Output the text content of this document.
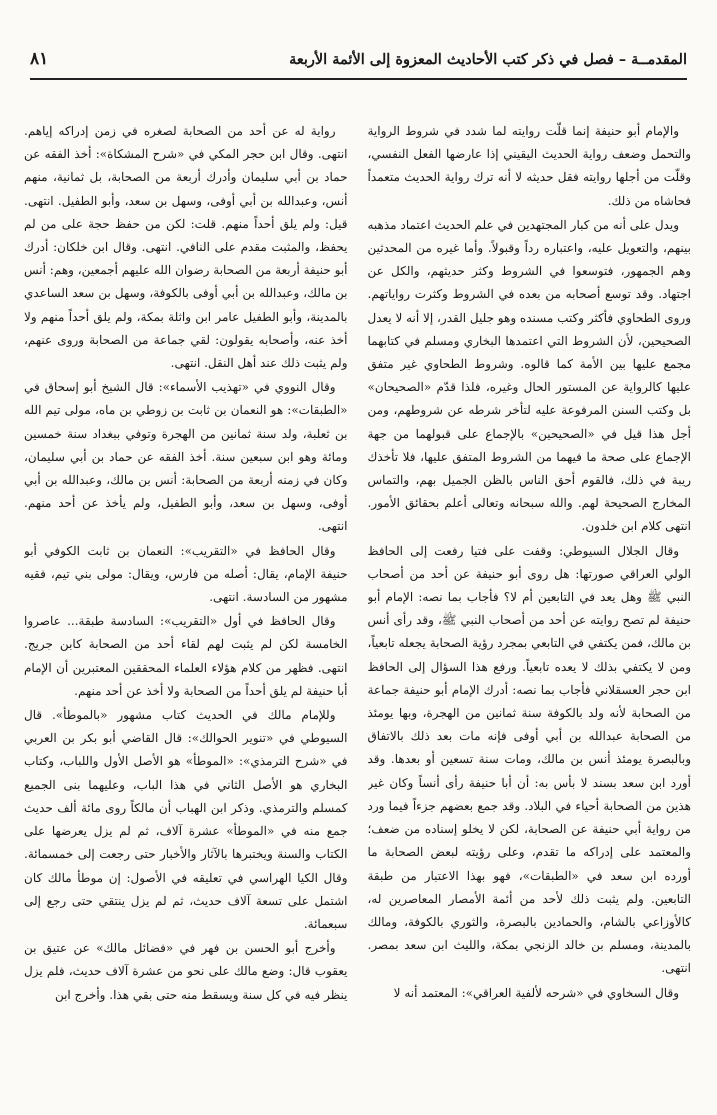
المقدمــة – فصل في ذكر كتب الأحاديث المعزوة إلى الأئمة الأربعة
٨١

والإمام أبو حنيفة إنما قلّت روايته لما شدد في شروط الرواية والتحمل وضعف رواية الحديث اليقيني إذا عارضها الفعل النفسي، وقلّت من أجلها روايته فقل حديثه لا أنه ترك رواية الحديث متعمداً فحاشاه من ذلك.

ويدل على أنه من كبار المجتهدين في علم الحديث اعتماد مذهبه بينهم، والتعويل عليه، واعتباره رداً وقبولاً. وأما غيره من المحدثين وهم الجمهور، فتوسعوا في الشروط وكثر حديثهم، والكل عن اجتهاد. وقد توسع أصحابه من بعده في الشروط وكثرت رواياتهم. وروى الطحاوي فأكثر وكتب مسنده وهو جليل القدر، إلا أنه لا يعدل الصحيحين، لأن الشروط التي اعتمدها البخاري ومسلم في كتابهما مجمع عليها بين الأمة كما قالوه. وشروط الطحاوي غير متفق عليها كالرواية عن المستور الحال وغيره، فلذا قدّم «الصحيحان» بل وكتب السنن المرفوعة عليه لتأخر شرطه عن شروطهم، ومن أجل هذا قيل في «الصحيحين» بالإجماع على قبولهما من جهة الإجماع على صحة ما فيهما من الشروط المتفق عليها، فلا تأخذك ريبة في ذلك، فالقوم أحق الناس بالظن الجميل بهم، والتماس المخارج الصحيحة لهم. والله سبحانه وتعالى أعلم بحقائق الأمور. انتهى كلام ابن خلدون.

وقال الجلال السيوطي: وقفت على فتيا رفعت إلى الحافظ الولي العراقي صورتها: هل روى أبو حنيفة عن أحد من أصحاب النبي ﷺ وهل يعد في التابعين أم لا؟ فأجاب بما نصه: الإمام أبو حنيفة لم تصح روايته عن أحد من أصحاب النبي ﷺ، وقد رأى أنس بن مالك، فمن يكتفي في التابعي بمجرد رؤية الصحابة يجعله تابعياً، ومن لا يكتفي بذلك لا يعده تابعياً. ورفع هذا السؤال إلى الحافظ ابن حجر العسقلاني فأجاب بما نصه: أدرك الإمام أبو حنيفة جماعة من الصحابة لأنه ولد بالكوفة سنة ثمانين من الهجرة، وبها يومئذ من الصحابة عبدالله بن أبي أوفى فإنه مات بعد ذلك بالاتفاق وبالبصرة يومئذ أنس بن مالك، ومات سنة تسعين أو بعدها. وقد أورد ابن سعد بسند لا بأس به: أن أبا حنيفة رأى أنساً وكان غير هذين من الصحابة أحياء في البلاد. وقد جمع بعضهم جزءاً فيما ورد من رواية أبي حنيفة عن الصحابة، لكن لا يخلو إسناده من ضعف؛ والمعتمد على إدراكه ما تقدم، وعلى رؤيته لبعض الصحابة ما أورده ابن سعد في «الطبقات»، فهو بهذا الاعتبار من طبقة التابعين. ولم يثبت ذلك لأحد من أئمة الأمصار المعاصرين له، كالأوزاعي بالشام، والحمادين بالبصرة، والثوري بالكوفة، ومالك بالمدينة، ومسلم بن خالد الزنجي بمكة، والليث ابن سعد بمصر. انتهى.

وقال السخاوي في «شرحه لألفية العراقي»: المعتمد أنه لا

رواية له عن أحد من الصحابة لصغره في زمن إدراكه إياهم. انتهى. وقال ابن حجر المكي في «شرح المشكاة»: أخذ الفقه عن حماد بن أبي سليمان وأدرك أربعة من الصحابة، بل ثمانية، منهم أنس، وعبدالله بن أبي أوفى، وسهل بن سعد، وأبو الطفيل. انتهى. قيل: ولم يلق أحداً منهم. قلت: لكن من حفظ حجة على من لم يحفظ، والمثبت مقدم على النافي. انتهى. وقال ابن خلكان: أدرك أبو حنيفة أربعة من الصحابة رضوان الله عليهم أجمعين، وهم: أنس بن مالك، وعبدالله بن أبي أوفى بالكوفة، وسهل بن سعد الساعدي بالمدينة، وأبو الطفيل عامر ابن واثلة بمكة، ولم يلق أحداً منهم ولا أخذ عنه، وأصحابه يقولون: لقي جماعة من الصحابة وروى عنهم، ولم يثبت ذلك عند أهل النقل. انتهى.

وقال النووي في «تهذيب الأسماء»: قال الشيخ أبو إسحاق في «الطبقات»: هو النعمان بن ثابت بن زوطي بن ماه، مولى تيم الله بن ثعلبة، ولد سنة ثمانين من الهجرة وتوفي ببغداد سنة خمسين ومائة وهو ابن سبعين سنة. أخذ الفقه عن حماد بن أبي سليمان، وكان في زمنه أربعة من الصحابة: أنس بن مالك، وعبدالله بن أبي أوفى، وسهل بن سعد، وأبو الطفيل، ولم يأخذ عن أحد منهم. انتهى.

وقال الحافظ في «التقريب»: النعمان بن ثابت الكوفي أبو حنيفة الإمام، يقال: أصله من فارس، ويقال: مولى بني تيم، فقيه مشهور من السادسة. انتهى.

وقال الحافظ في أول «التقريب»: السادسة طبقة... عاصروا الخامسة لكن لم يثبت لهم لقاء أحد من الصحابة كابن جريج. انتهى. فظهر من كلام هؤلاء العلماء المحققين المعتبرين أن الإمام أبا حنيفة لم يلق أحداً من الصحابة ولا أخذ عن أحد منهم.

وللإمام مالك في الحديث كتاب مشهور «بالموطأ». قال السيوطي في «تنوير الحوالك»: قال القاضي أبو بكر بن العربي في «شرح الترمذي»: «الموطأ» هو الأصل الأول واللباب، وكتاب البخاري هو الأصل الثاني في هذا الباب، وعليهما بنى الجميع كمسلم والترمذي. وذكر ابن الهباب أن مالكاً روى مائة ألف حديث جمع منه في «الموطأ» عشرة آلاف، ثم لم يزل يعرضها على الكتاب والسنة ويختبرها بالآثار والأخبار حتى رجعت إلى خمسمائة. وقال الكيا الهراسي في تعليقه في الأصول: إن موطأ مالك كان اشتمل على تسعة آلاف حديث، ثم لم يزل ينتقي حتى رجع إلى سبعمائة.

وأخرج أبو الحسن بن فهر في «فضائل مالك» عن عتيق بن يعقوب قال: وضع مالك على نحو من عشرة آلاف حديث، فلم يزل ينظر فيه في كل سنة ويسقط منه حتى بقي هذا. وأخرج ابن
